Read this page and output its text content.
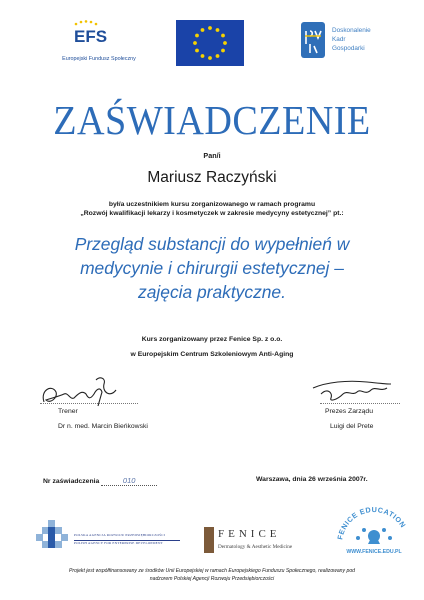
EFS
Europejski Fundusz Społeczny
Doskonalenie
Kadr
Gospodarki
ZAŚWIADCZENIE
Pan/i
Mariusz Raczyński
był/a uczestnikiem kursu zorganizowanego w ramach programu
„Rozwój kwalifikacji lekarzy i kosmetyczek w zakresie medycyny estetycznej” pt.:
Przegląd substancji do wypełnień w
medycynie i chirurgii estetycznej –
zajęcia praktyczne.
Kurs zorganizowany przez Fenice Sp. z o.o.
w Europejskim Centrum Szkoleniowym Anti-Aging
Trener
Dr n. med. Marcin Bieńkowski
Prezes Zarządu
Luigi del Prete
Nr zaświadczenia	010	Warszawa, dnia 26 września 2007r.
POLSKA AGENCJA ROZWOJU PRZEDSIĘBIORCZOŚCI
POLISH AGENCY FOR ENTERPRISE DEVELOPMENT
FENICE
Dermatology & Aesthetic Medicine
FENICE EDUCATION
WWW.FENICE.EDU.PL
Projekt jest współfinansowany ze środków Unii Europejskiej w ramach Europejskiego Funduszu Społecznego, realizowany pod
nadzorem Polskiej Agencji Rozwoju Przedsiębiorczości
